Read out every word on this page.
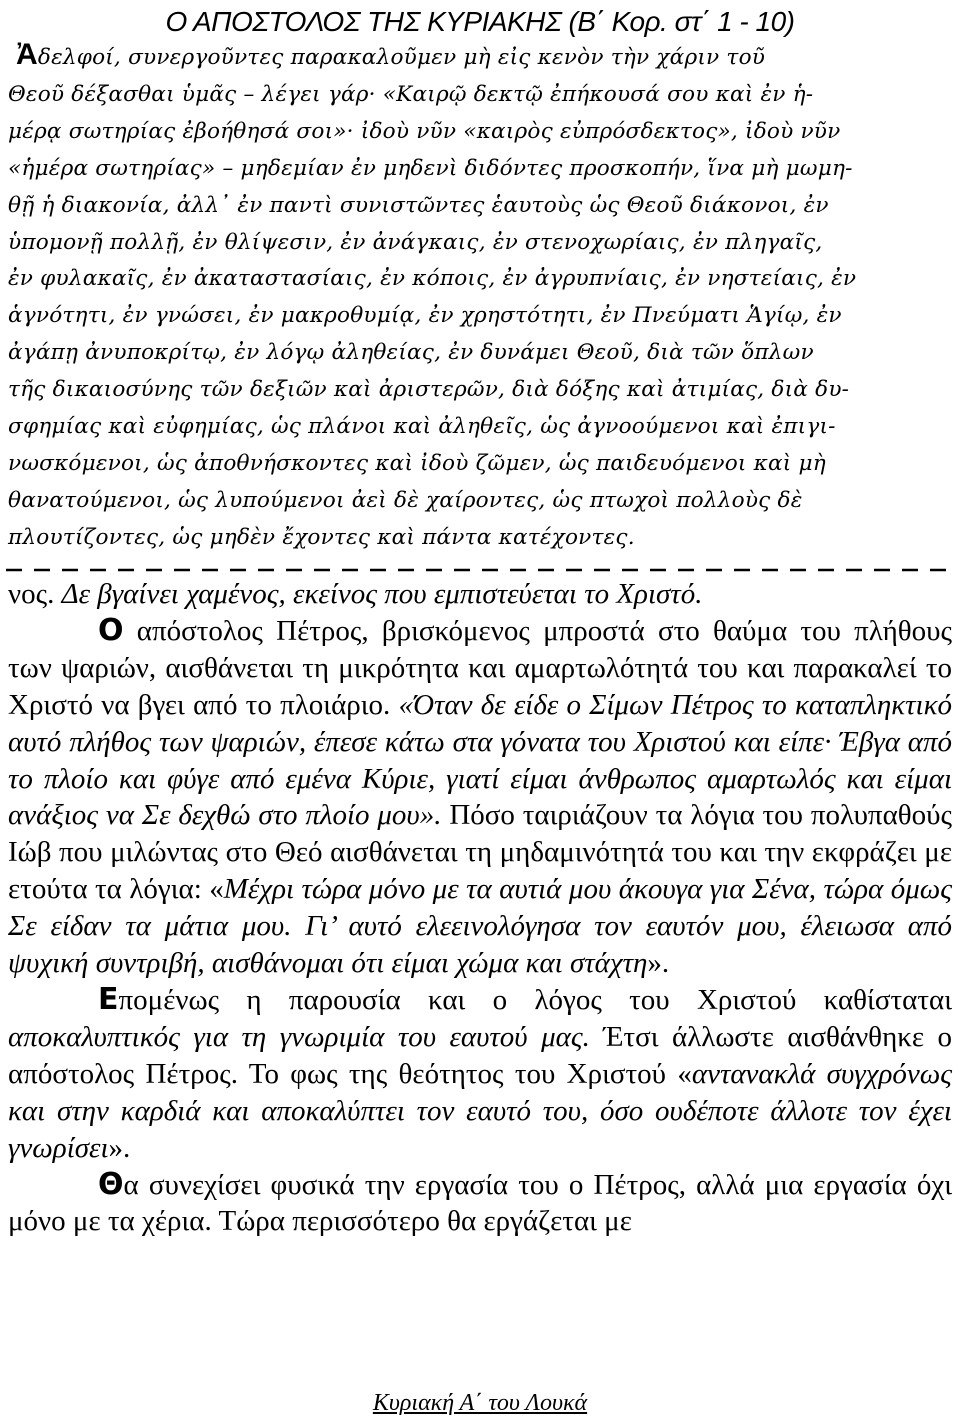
Ο ΑΠΟΣΤΟΛΟΣ ΤΗΣ ΚΥΡΙΑΚΗΣ (Β΄ Κορ. στ΄ 1 - 10)
Ἀδελφοί, συνεργοῦντες παρακαλοῦμεν μὴ εἰς κενὸν τὴν χάριν τοῦ
Θεοῦ δέξασθαι ὑμᾶς – λέγει γάρ· «Καιρῷ δεκτῷ ἐπήκουσά σου καὶ ἐν ἡ-
μέρᾳ σωτηρίας ἐβοήθησά σοι»· ἰδοὺ νῦν «καιρὸς εὐπρόσδεκτος», ἰδοὺ νῦν
«ἡμέρα σωτηρίας» – μηδεμίαν ἐν μηδενὶ διδόντες προσκοπήν, ἵνα μὴ μωμη-
θῇ ἡ διακονία, ἀλλ᾽ ἐν παντὶ συνιστῶντες ἑαυτοὺς ὡς Θεοῦ διάκονοι, ἐν
ὑπομονῇ πολλῇ, ἐν θλίψεσιν, ἐν ἀνάγκαις, ἐν στενοχωρίαις, ἐν πληγαῖς,
ἐν φυλακαῖς, ἐν ἀκαταστασίαις, ἐν κόποις, ἐν ἀγρυπνίαις, ἐν νηστείαις, ἐν
ἁγνότητι, ἐν γνώσει, ἐν μακροθυμίᾳ, ἐν χρηστότητι, ἐν Πνεύματι Ἁγίῳ, ἐν
ἀγάπῃ ἀνυποκρίτῳ, ἐν λόγῳ ἀληθείας, ἐν δυνάμει Θεοῦ, διὰ τῶν ὅπλων
τῆς δικαιοσύνης τῶν δεξιῶν καὶ ἀριστερῶν, διὰ δόξης καὶ ἀτιμίας, διὰ δυ-
σφημίας καὶ εὐφημίας, ὡς πλάνοι καὶ ἀληθεῖς, ὡς ἀγνοούμενοι καὶ ἐπιγι-
νωσκόμενοι, ὡς ἀποθνήσκοντες καὶ ἰδοὺ ζῶμεν, ὡς παιδευόμενοι καὶ μὴ
θανατούμενοι, ὡς λυπούμενοι ἀεὶ δὲ χαίροντες, ὡς πτωχοὶ πολλοὺς δὲ
πλουτίζοντες, ὡς μηδὲν ἔχοντες καὶ πάντα κατέχοντες.

νος. Δε βγαίνει χαμένος, εκείνος που εμπιστεύεται το Χριστό.

Ο απόστολος Πέτρος, βρισκόμενος μπροστά στο θαύμα του πλήθους των ψαριών, αισθάνεται τη μικρότητα και αμαρτωλότητά του και παρακαλεί το Χριστό να βγει από το πλοιάριο. «Όταν δε είδε ο Σίμων Πέτρος το καταπληκτικό αυτό πλήθος των ψαριών, έπεσε κάτω στα γόνατα του Χριστού και είπε· Έβγα από το πλοίο και φύγε από εμένα Κύριε, γιατί είμαι άνθρωπος αμαρτωλός και είμαι ανάξιος να Σε δεχθώ στο πλοίο μου». Πόσο ταιριάζουν τα λόγια του πολυπαθούς Ιώβ που μιλώντας στο Θεό αισθάνεται τη μηδαμινότητά του και την εκφράζει με ετούτα τα λόγια: «Μέχρι τώρα μόνο με τα αυτιά μου άκουγα για Σένα, τώρα όμως Σε είδαν τα μάτια μου. Γι’ αυτό ελεεινολόγησα τον εαυτόν μου, έλειωσα από ψυχική συντριβή, αισθάνομαι ότι είμαι χώμα και στάχτη».

Επομένως η παρουσία και ο λόγος του Χριστού καθίσταται αποκαλυπτικός για τη γνωριμία του εαυτού μας. Έτσι άλλωστε αισθάνθηκε ο απόστολος Πέτρος. Το φως της θεότητος του Χριστού «αντανακλά συγχρόνως και στην καρδιά και αποκαλύπτει τον εαυτό του, όσο ουδέποτε άλλοτε τον έχει γνωρίσει».

Θα συνεχίσει φυσικά την εργασία του ο Πέτρος, αλλά μια εργασία όχι μόνο με τα χέρια. Τώρα περισσότερο θα εργάζεται με

Κυριακή Α΄ του Λουκά
